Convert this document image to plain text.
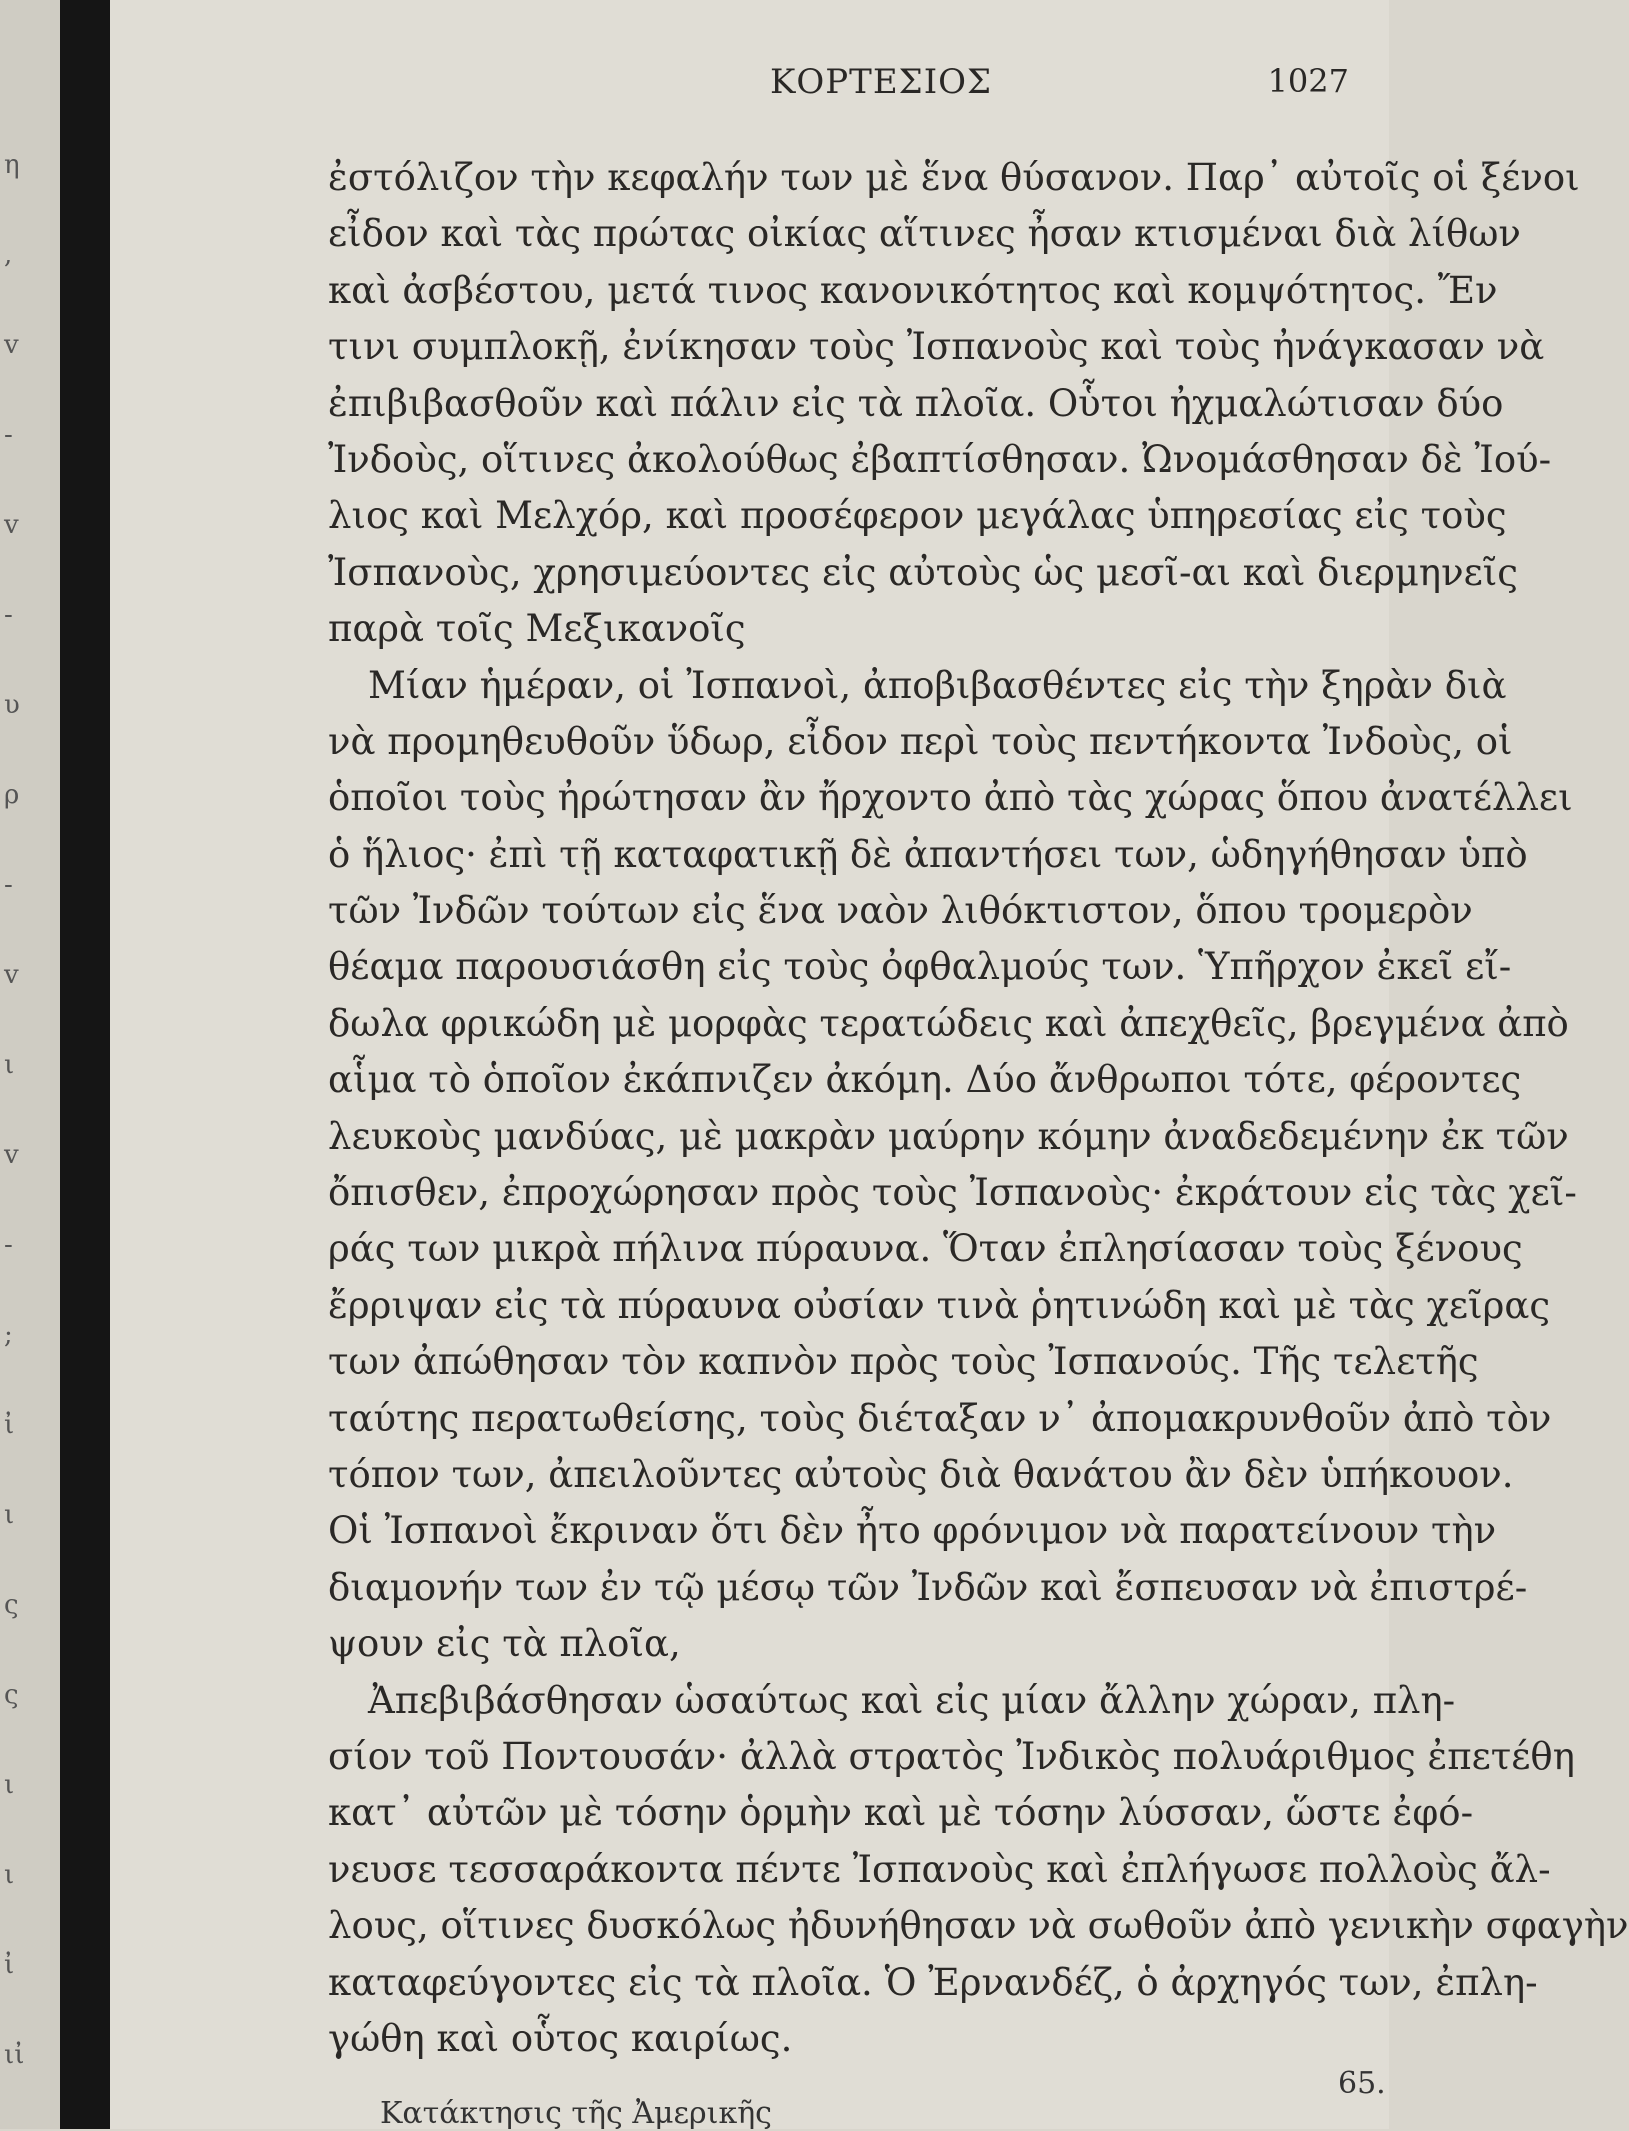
η
,
v
-
v
-
υ
ρ
-
v
ι
v
-
;
ἰ
ι
ς
ς
ι
ι
ἰ
ιἰ
ΚΟΡΤΕΣΙΟΣ	1027
ἐστόλιζον τὴν κεφαλήν των μὲ ἕνα θύσανον. Παρ᾽ αὐτοῖς οἱ ξένοι
εἶδον καὶ τὰς πρώτας οἰκίας αἵτινες ἦσαν κτισμέναι διὰ λίθων
καὶ ἀσβέστου, μετά τινος κανονικότητος καὶ κομψότητος. Ἔν
τινι συμπλοκῇ, ἐνίκησαν τοὺς Ἰσπανοὺς καὶ τοὺς ἠνάγκασαν νὰ
ἐπιβιβασθοῦν καὶ πάλιν εἰς τὰ πλοῖα. Οὗτοι ἠχμαλώτισαν δύο
Ἰνδοὺς, οἵτινες ἀκολούθως ἐβαπτίσθησαν. Ὠνομάσθησαν δὲ Ἰού-
λιος καὶ Μελχόρ, καὶ προσέφερον μεγάλας ὑπηρεσίας εἰς τοὺς
Ἰσπανοὺς, χρησιμεύοντες εἰς αὐτοὺς ὡς μεσῖ-αι καὶ διερμηνεῖς
παρὰ τοῖς Μεξικανοῖς
Μίαν ἡμέραν, οἱ Ἰσπανοὶ, ἀποβιβασθέντες εἰς τὴν ξηρὰν διὰ
νὰ προμηθευθοῦν ὕδωρ, εἶδον περὶ τοὺς πεντήκοντα Ἰνδοὺς, οἱ
ὁποῖοι τοὺς ἠρώτησαν ἂν ἤρχοντο ἀπὸ τὰς χώρας ὅπου ἀνατέλλει
ὁ ἥλιος· ἐπὶ τῇ καταφατικῇ δὲ ἀπαντήσει των, ὡδηγήθησαν ὑπὸ
τῶν Ἰνδῶν τούτων εἰς ἕνα ναὸν λιθόκτιστον, ὅπου τρομερὸν
θέαμα παρουσιάσθη εἰς τοὺς ὀφθαλμούς των. Ὑπῆρχον ἐκεῖ εἴ-
δωλα φρικώδη μὲ μορφὰς τερατώδεις καὶ ἀπεχθεῖς, βρεγμένα ἀπὸ
αἷμα τὸ ὁποῖον ἐκάπνιζεν ἀκόμη. Δύο ἄνθρωποι τότε, φέροντες
λευκοὺς μανδύας, μὲ μακρὰν μαύρην κόμην ἀναδεδεμένην ἐκ τῶν
ὄπισθεν, ἐπροχώρησαν πρὸς τοὺς Ἰσπανοὺς· ἐκράτουν εἰς τὰς χεῖ-
ράς των μικρὰ πήλινα πύραυνα. Ὅταν ἐπλησίασαν τοὺς ξένους
ἔρριψαν εἰς τὰ πύραυνα οὐσίαν τινὰ ῥητινώδη καὶ μὲ τὰς χεῖρας
των ἀπώθησαν τὸν καπνὸν πρὸς τοὺς Ἰσπανούς. Τῆς τελετῆς
ταύτης περατωθείσης, τοὺς διέταξαν ν᾽ ἀπομακρυνθοῦν ἀπὸ τὸν
τόπον των, ἀπειλοῦντες αὐτοὺς διὰ θανάτου ἂν δὲν ὑπήκουον.
Οἱ Ἰσπανοὶ ἔκριναν ὅτι δὲν ἦτο φρόνιμον νὰ παρατείνουν τὴν
διαμονήν των ἐν τῷ μέσῳ τῶν Ἰνδῶν καὶ ἔσπευσαν νὰ ἐπιστρέ-
ψουν εἰς τὰ πλοῖα,
Ἀπεβιβάσθησαν ὡσαύτως καὶ εἰς μίαν ἄλλην χώραν, πλη-
σίον τοῦ Ποντουσάν· ἀλλὰ στρατὸς Ἰνδικὸς πολυάριθμος ἐπετέθη
κατ᾽ αὐτῶν μὲ τόσην ὁρμὴν καὶ μὲ τόσην λύσσαν, ὥστε ἐφό-
νευσε τεσσαράκοντα πέντε Ἰσπανοὺς καὶ ἐπλήγωσε πολλοὺς ἄλ-
λους, οἵτινες δυσκόλως ἠδυνήθησαν νὰ σωθοῦν ἀπὸ γενικὴν σφαγὴν
καταφεύγοντες εἰς τὰ πλοῖα. Ὁ Ἐρνανδέζ, ὁ ἀρχηγός των, ἐπλη-
γώθη καὶ οὗτος καιρίως.
Κατάκτησις τῆς Ἀμερικῆς
65.
